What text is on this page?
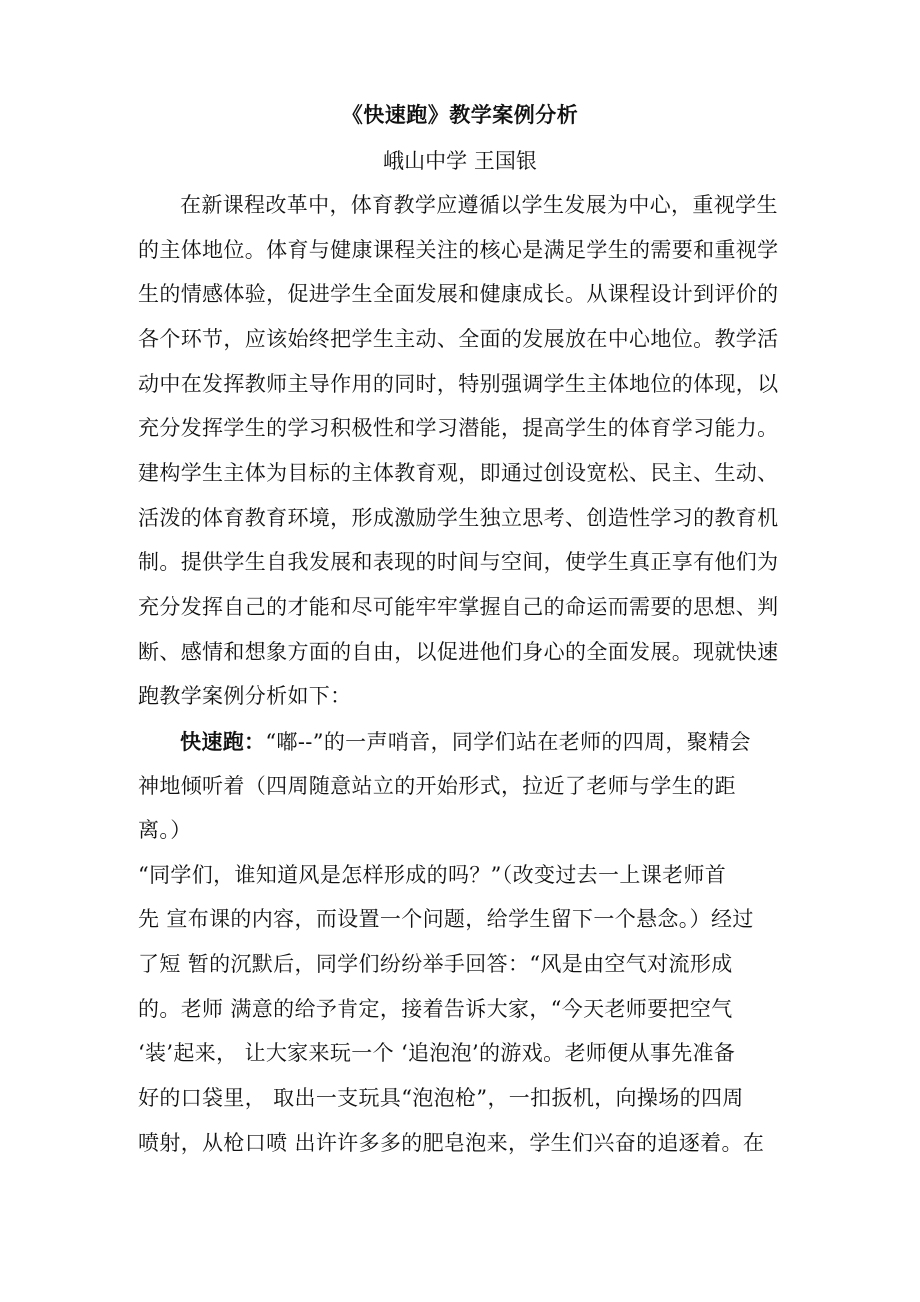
《快速跑》教学案例分析
峨山中学 王国银
在新课程改革中，体育教学应遵循以学生发展为中心，重视学生
的主体地位。体育与健康课程关注的核心是满足学生的需要和重视学
生的情感体验，促进学生全面发展和健康成长。从课程设计到评价的
各个环节，应该始终把学生主动、全面的发展放在中心地位。教学活
动中在发挥教师主导作用的同时，特别强调学生主体地位的体现，以
充分发挥学生的学习积极性和学习潜能，提高学生的体育学习能力。
建构学生主体为目标的主体教育观，即通过创设宽松、民主、生动、
活泼的体育教育环境，形成激励学生独立思考、创造性学习的教育机
制。提供学生自我发展和表现的时间与空间，使学生真正享有他们为
充分发挥自己的才能和尽可能牢牢掌握自己的命运而需要的思想、判
断、感情和想象方面的自由，以促进他们身心的全面发展。现就快速
跑教学案例分析如下：
快速跑：“嘟--”的一声哨音，同学们站在老师的四周，聚精会
神地倾听着（四周随意站立的开始形式，拉近了老师与学生的距
离。）
“同学们，谁知道风是怎样形成的吗？”（改变过去一上课老师首
先 宣布课的内容，而设置一个问题，给学生留下一个悬念。）经过
了短 暂的沉默后，同学们纷纷举手回答：“风是由空气对流形成
的。老师 满意的给予肯定，接着告诉大家，“今天老师要把空气
‘装’起来， 让大家来玩一个 ‘追泡泡’的游戏。老师便从事先准备
好的口袋里， 取出一支玩具“泡泡枪”，一扣扳机，向操场的四周
喷射，从枪口喷 出许许多多的肥皂泡来，学生们兴奋的追逐着。在
